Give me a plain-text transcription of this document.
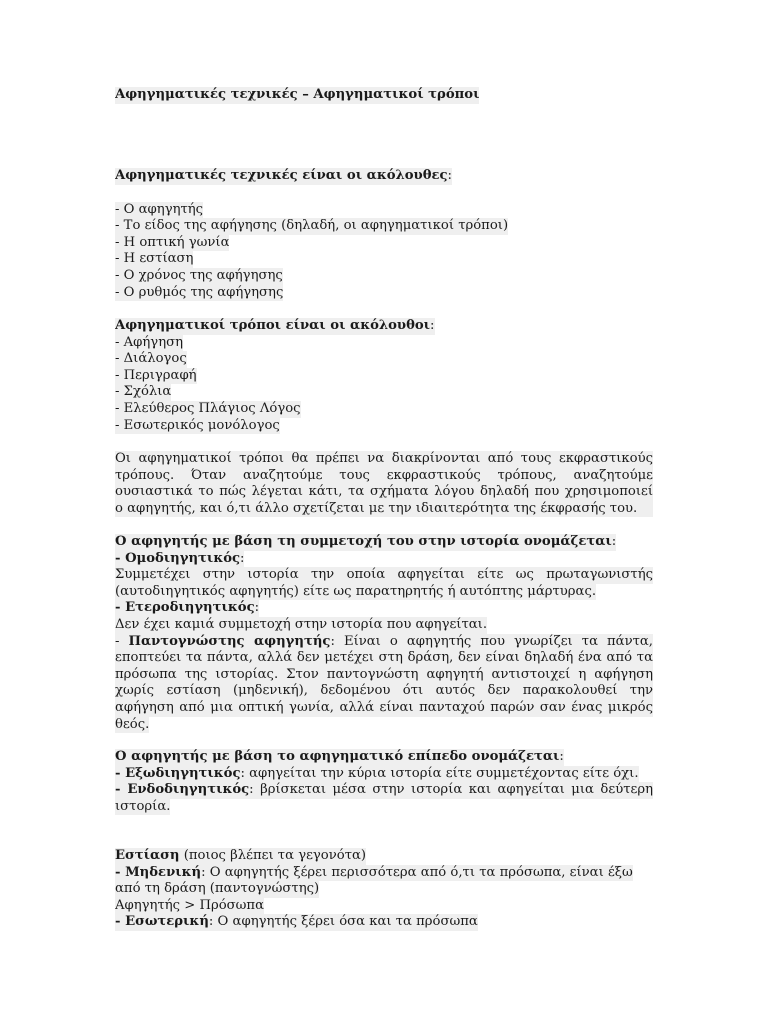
Αφηγηματικές τεχνικές – Αφηγηματικοί τρόποι
Αφηγηματικές τεχνικές είναι οι ακόλουθες:
- Ο αφηγητής
- Το είδος της αφήγησης (δηλαδή, οι αφηγηματικοί τρόποι)
- Η οπτική γωνία
- Η εστίαση
- Ο χρόνος της αφήγησης
- Ο ρυθμός της αφήγησης
Αφηγηματικοί τρόποι είναι οι ακόλουθοι:
- Αφήγηση
- Διάλογος
- Περιγραφή
- Σχόλια
- Ελεύθερος Πλάγιος Λόγος
- Εσωτερικός μονόλογος
Οι αφηγηματικοί τρόποι θα πρέπει να διακρίνονται από τους εκφραστικούς
τρόπους. Όταν αναζητούμε τους εκφραστικούς τρόπους, αναζητούμε
ουσιαστικά το πώς λέγεται κάτι, τα σχήματα λόγου δηλαδή που χρησιμοποιεί
ο αφηγητής, και ό,τι άλλο σχετίζεται με την ιδιαιτερότητα της έκφρασής του.
Ο αφηγητής με βάση τη συμμετοχή του στην ιστορία ονομάζεται:
- Ομοδιηγητικός:
Συμμετέχει στην ιστορία την οποία αφηγείται είτε ως πρωταγωνιστής
(αυτοδιηγητικός αφηγητής) είτε ως παρατηρητής ή αυτόπτης μάρτυρας.
- Ετεροδιηγητικός:
Δεν έχει καμιά συμμετοχή στην ιστορία που αφηγείται.
- Παντογνώστης αφηγητής: Είναι ο αφηγητής που γνωρίζει τα πάντα,
εποπτεύει τα πάντα, αλλά δεν μετέχει στη δράση, δεν είναι δηλαδή ένα από τα
πρόσωπα της ιστορίας. Στον παντογνώστη αφηγητή αντιστοιχεί η αφήγηση
χωρίς εστίαση (μηδενική), δεδομένου ότι αυτός δεν παρακολουθεί την
αφήγηση από μια οπτική γωνία, αλλά είναι πανταχού παρών σαν ένας μικρός
θεός.
Ο αφηγητής με βάση το αφηγηματικό επίπεδο ονομάζεται:
- Εξωδιηγητικός: αφηγείται την κύρια ιστορία είτε συμμετέχοντας είτε όχι.
- Ενδοδιηγητικός: βρίσκεται μέσα στην ιστορία και αφηγείται μια δεύτερη
ιστορία.
Εστίαση (ποιος βλέπει τα γεγονότα)
- Μηδενική: Ο αφηγητής ξέρει περισσότερα από ό,τι τα πρόσωπα, είναι έξω
από τη δράση (παντογνώστης)
Αφηγητής > Πρόσωπα
- Εσωτερική: Ο αφηγητής ξέρει όσα και τα πρόσωπα
